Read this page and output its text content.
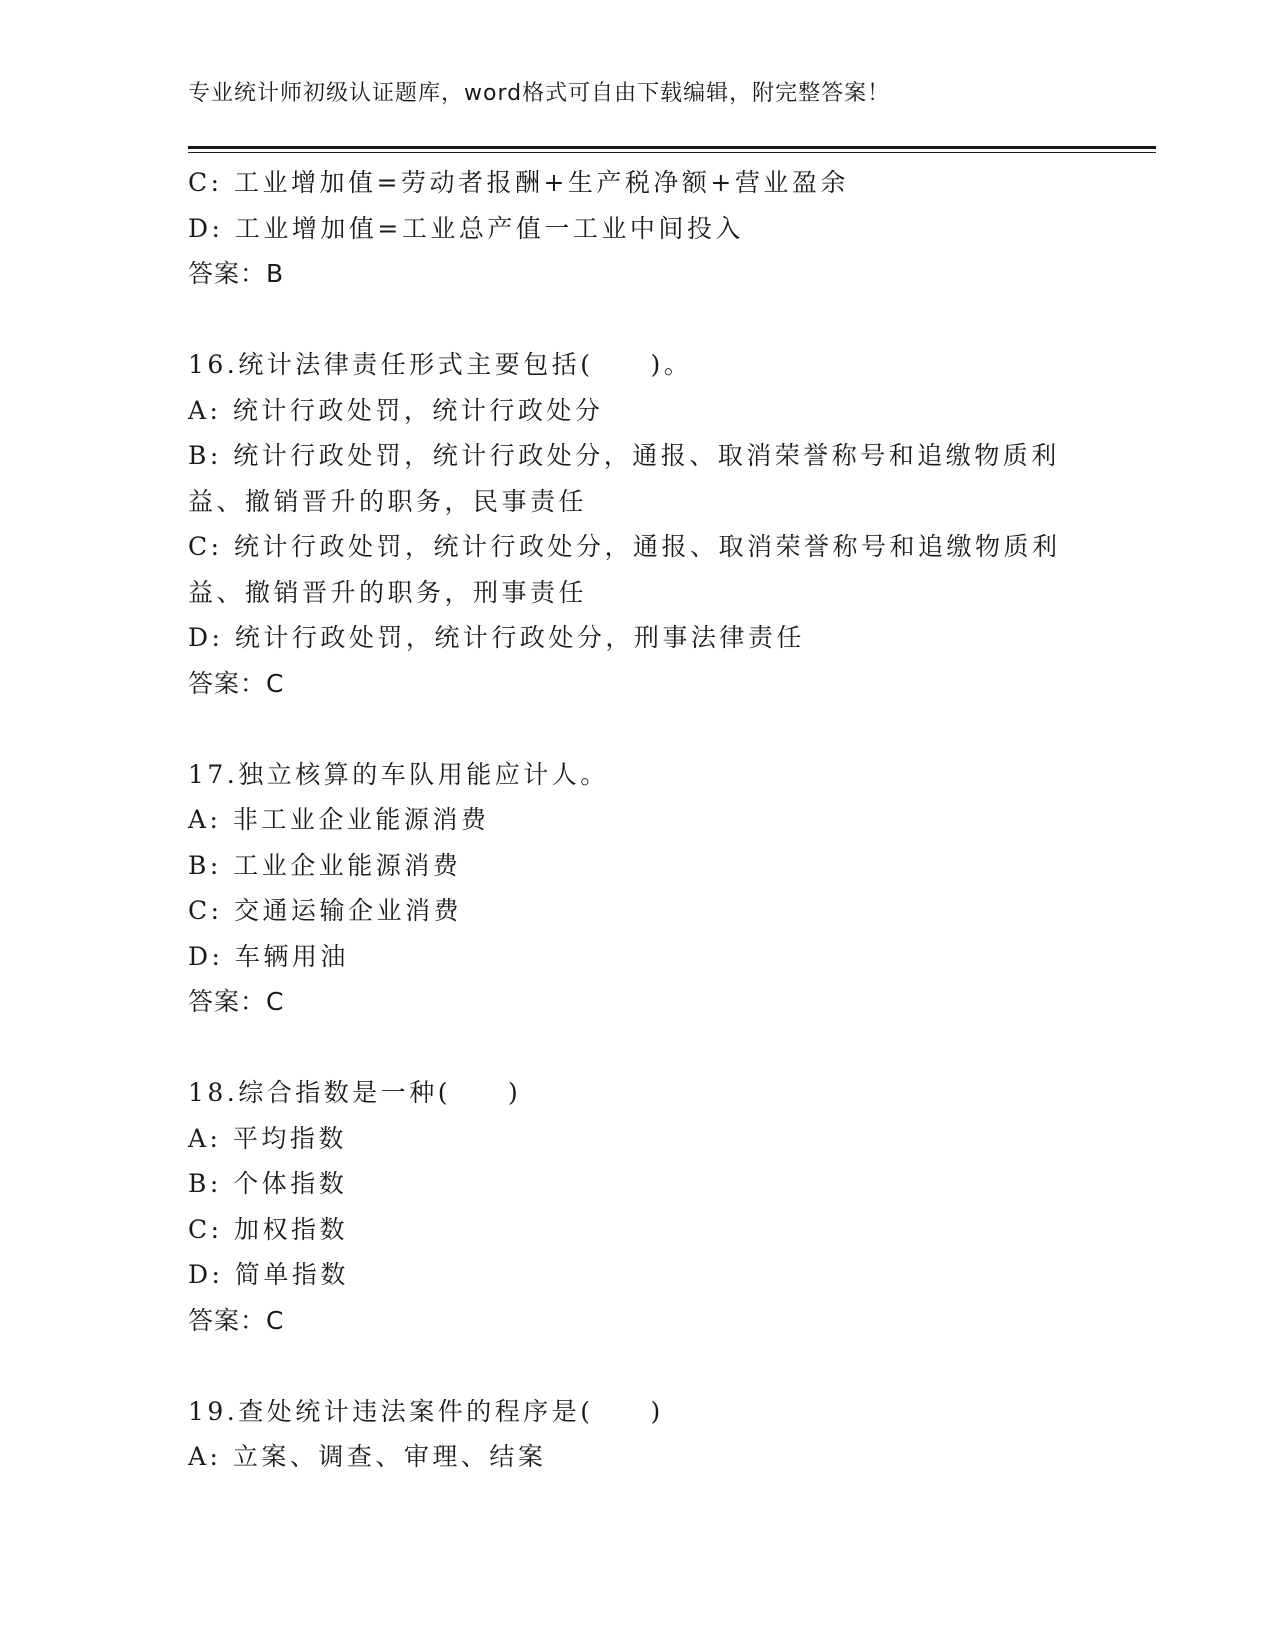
专业统计师初级认证题库，word格式可自由下载编辑，附完整答案！
C: 工业增加值=劳动者报酬+生产税净额+营业盈余
D: 工业增加值=工业总产值一工业中间投入
答案：B
16.统计法律责任形式主要包括(　　)。
A: 统计行政处罚，统计行政处分
B: 统计行政处罚，统计行政处分，通报、取消荣誉称号和追缴物质利
益、撤销晋升的职务，民事责任
C: 统计行政处罚，统计行政处分，通报、取消荣誉称号和追缴物质利
益、撤销晋升的职务，刑事责任
D: 统计行政处罚，统计行政处分，刑事法律责任
答案：C
17.独立核算的车队用能应计人。
A: 非工业企业能源消费
B: 工业企业能源消费
C: 交通运输企业消费
D: 车辆用油
答案：C
18.综合指数是一种(　　)
A: 平均指数
B: 个体指数
C: 加权指数
D: 简单指数
答案：C
19.查处统计违法案件的程序是(　　)
A: 立案、调查、审理、结案
